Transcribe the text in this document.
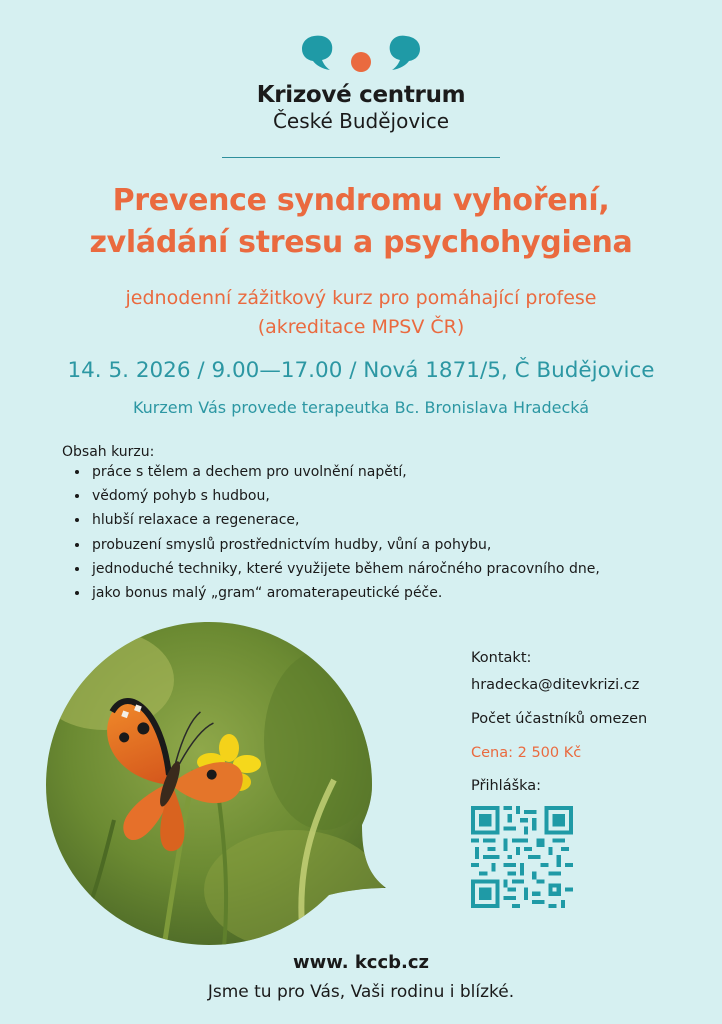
Krizové centrum
České Budějovice
Prevence syndromu vyhoření,
zvládání stresu a psychohygiena
jednodenní zážitkový kurz pro pomáhající profese
(akreditace MPSV ČR)
14. 5. 2026 / 9.00—17.00 / Nová 1871/5, Č Budějovice
Kurzem Vás provede terapeutka Bc. Bronislava Hradecká
Obsah kurzu:
• práce s tělem a dechem pro uvolnění napětí,
• vědomý pohyb s hudbou,
• hlubší relaxace a regenerace,
• probuzení smyslů prostřednictvím hudby, vůní a pohybu,
• jednoduché techniky, které využijete během náročného pracovního dne,
• jako bonus malý „gram“ aromaterapeutické péče.
Kontakt:
hradecka@ditevkrizi.cz
Počet účastníků omezen
Cena: 2 500 Kč
Přihláška:
www. kccb.cz
Jsme tu pro Vás, Vaši rodinu i blízké.
